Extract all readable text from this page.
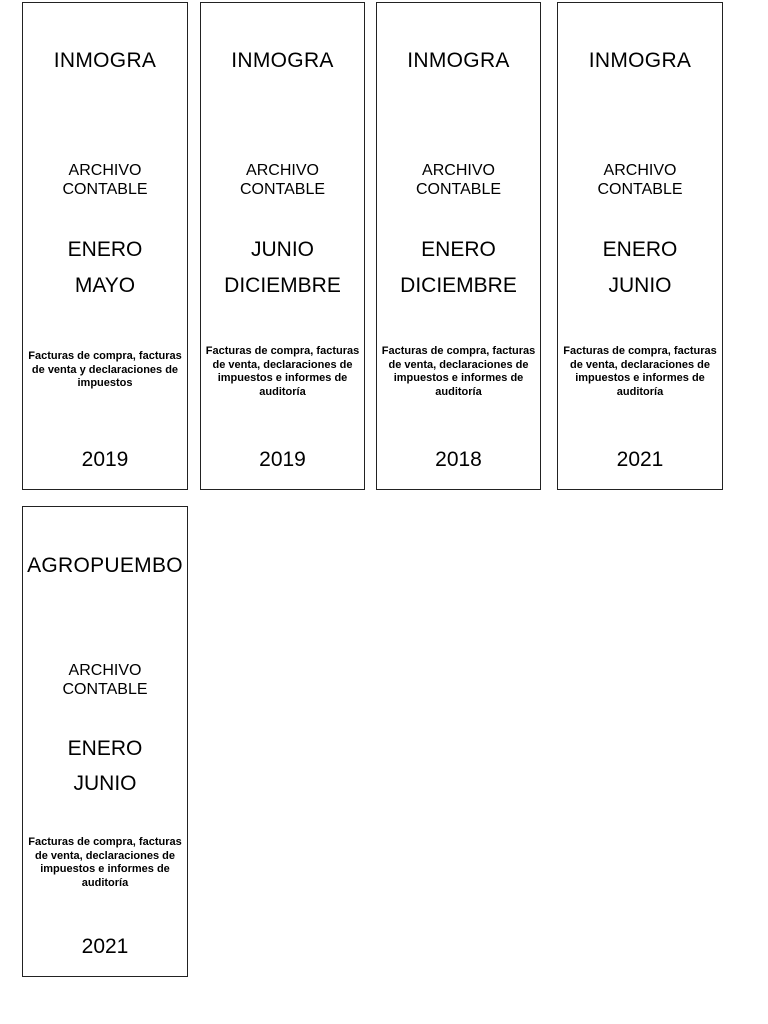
INMOGRA
ARCHIVO
CONTABLE
ENERO
MAYO
Facturas de compra, facturas de venta y declaraciones de impuestos
2019
INMOGRA
ARCHIVO
CONTABLE
JUNIO
DICIEMBRE
Facturas de compra, facturas de venta, declaraciones de impuestos e informes de auditoría
2019
INMOGRA
ARCHIVO
CONTABLE
ENERO
DICIEMBRE
Facturas de compra, facturas de venta, declaraciones de impuestos e informes de auditoría
2018
INMOGRA
ARCHIVO
CONTABLE
ENERO
JUNIO
Facturas de compra, facturas de venta, declaraciones de impuestos e informes de auditoría
2021
AGROPUEMBO
ARCHIVO
CONTABLE
ENERO
JUNIO
Facturas de compra, facturas de venta, declaraciones de impuestos e informes de auditoría
2021
